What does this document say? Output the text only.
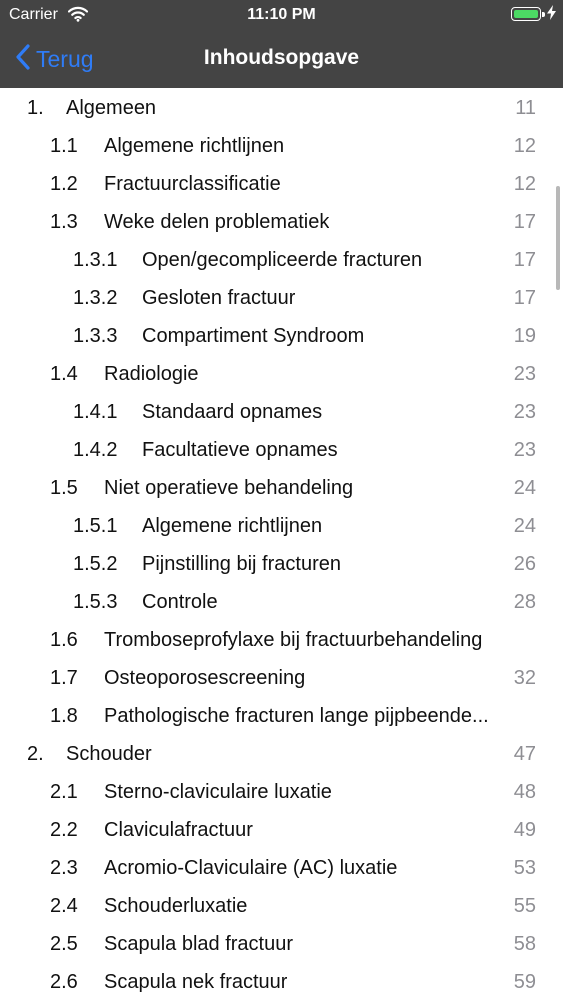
Carrier	11:10 PM
Terug	Inhoudsopgave
1. Algemeen	11
1.1 Algemene richtlijnen	12
1.2 Fractuurclassificatie	12
1.3 Weke delen problematiek	17
1.3.1 Open/gecompliceerde fracturen	17
1.3.2 Gesloten fractuur	17
1.3.3 Compartiment Syndroom	19
1.4 Radiologie	23
1.4.1 Standaard opnames	23
1.4.2 Facultatieve opnames	23
1.5 Niet operatieve behandeling	24
1.5.1 Algemene richtlijnen	24
1.5.2 Pijnstilling bij fracturen	26
1.5.3 Controle	28
1.6 Tromboseprofylaxe bij fractuurbehandeling
1.7 Osteoporosescreening	32
1.8 Pathologische fracturen lange pijpbeende...
2. Schouder	47
2.1 Sterno-claviculaire luxatie	48
2.2 Claviculafractuur	49
2.3 Acromio-Claviculaire (AC) luxatie	53
2.4 Schouderluxatie	55
2.5 Scapula blad fractuur	58
2.6 Scapula nek fractuur	59
